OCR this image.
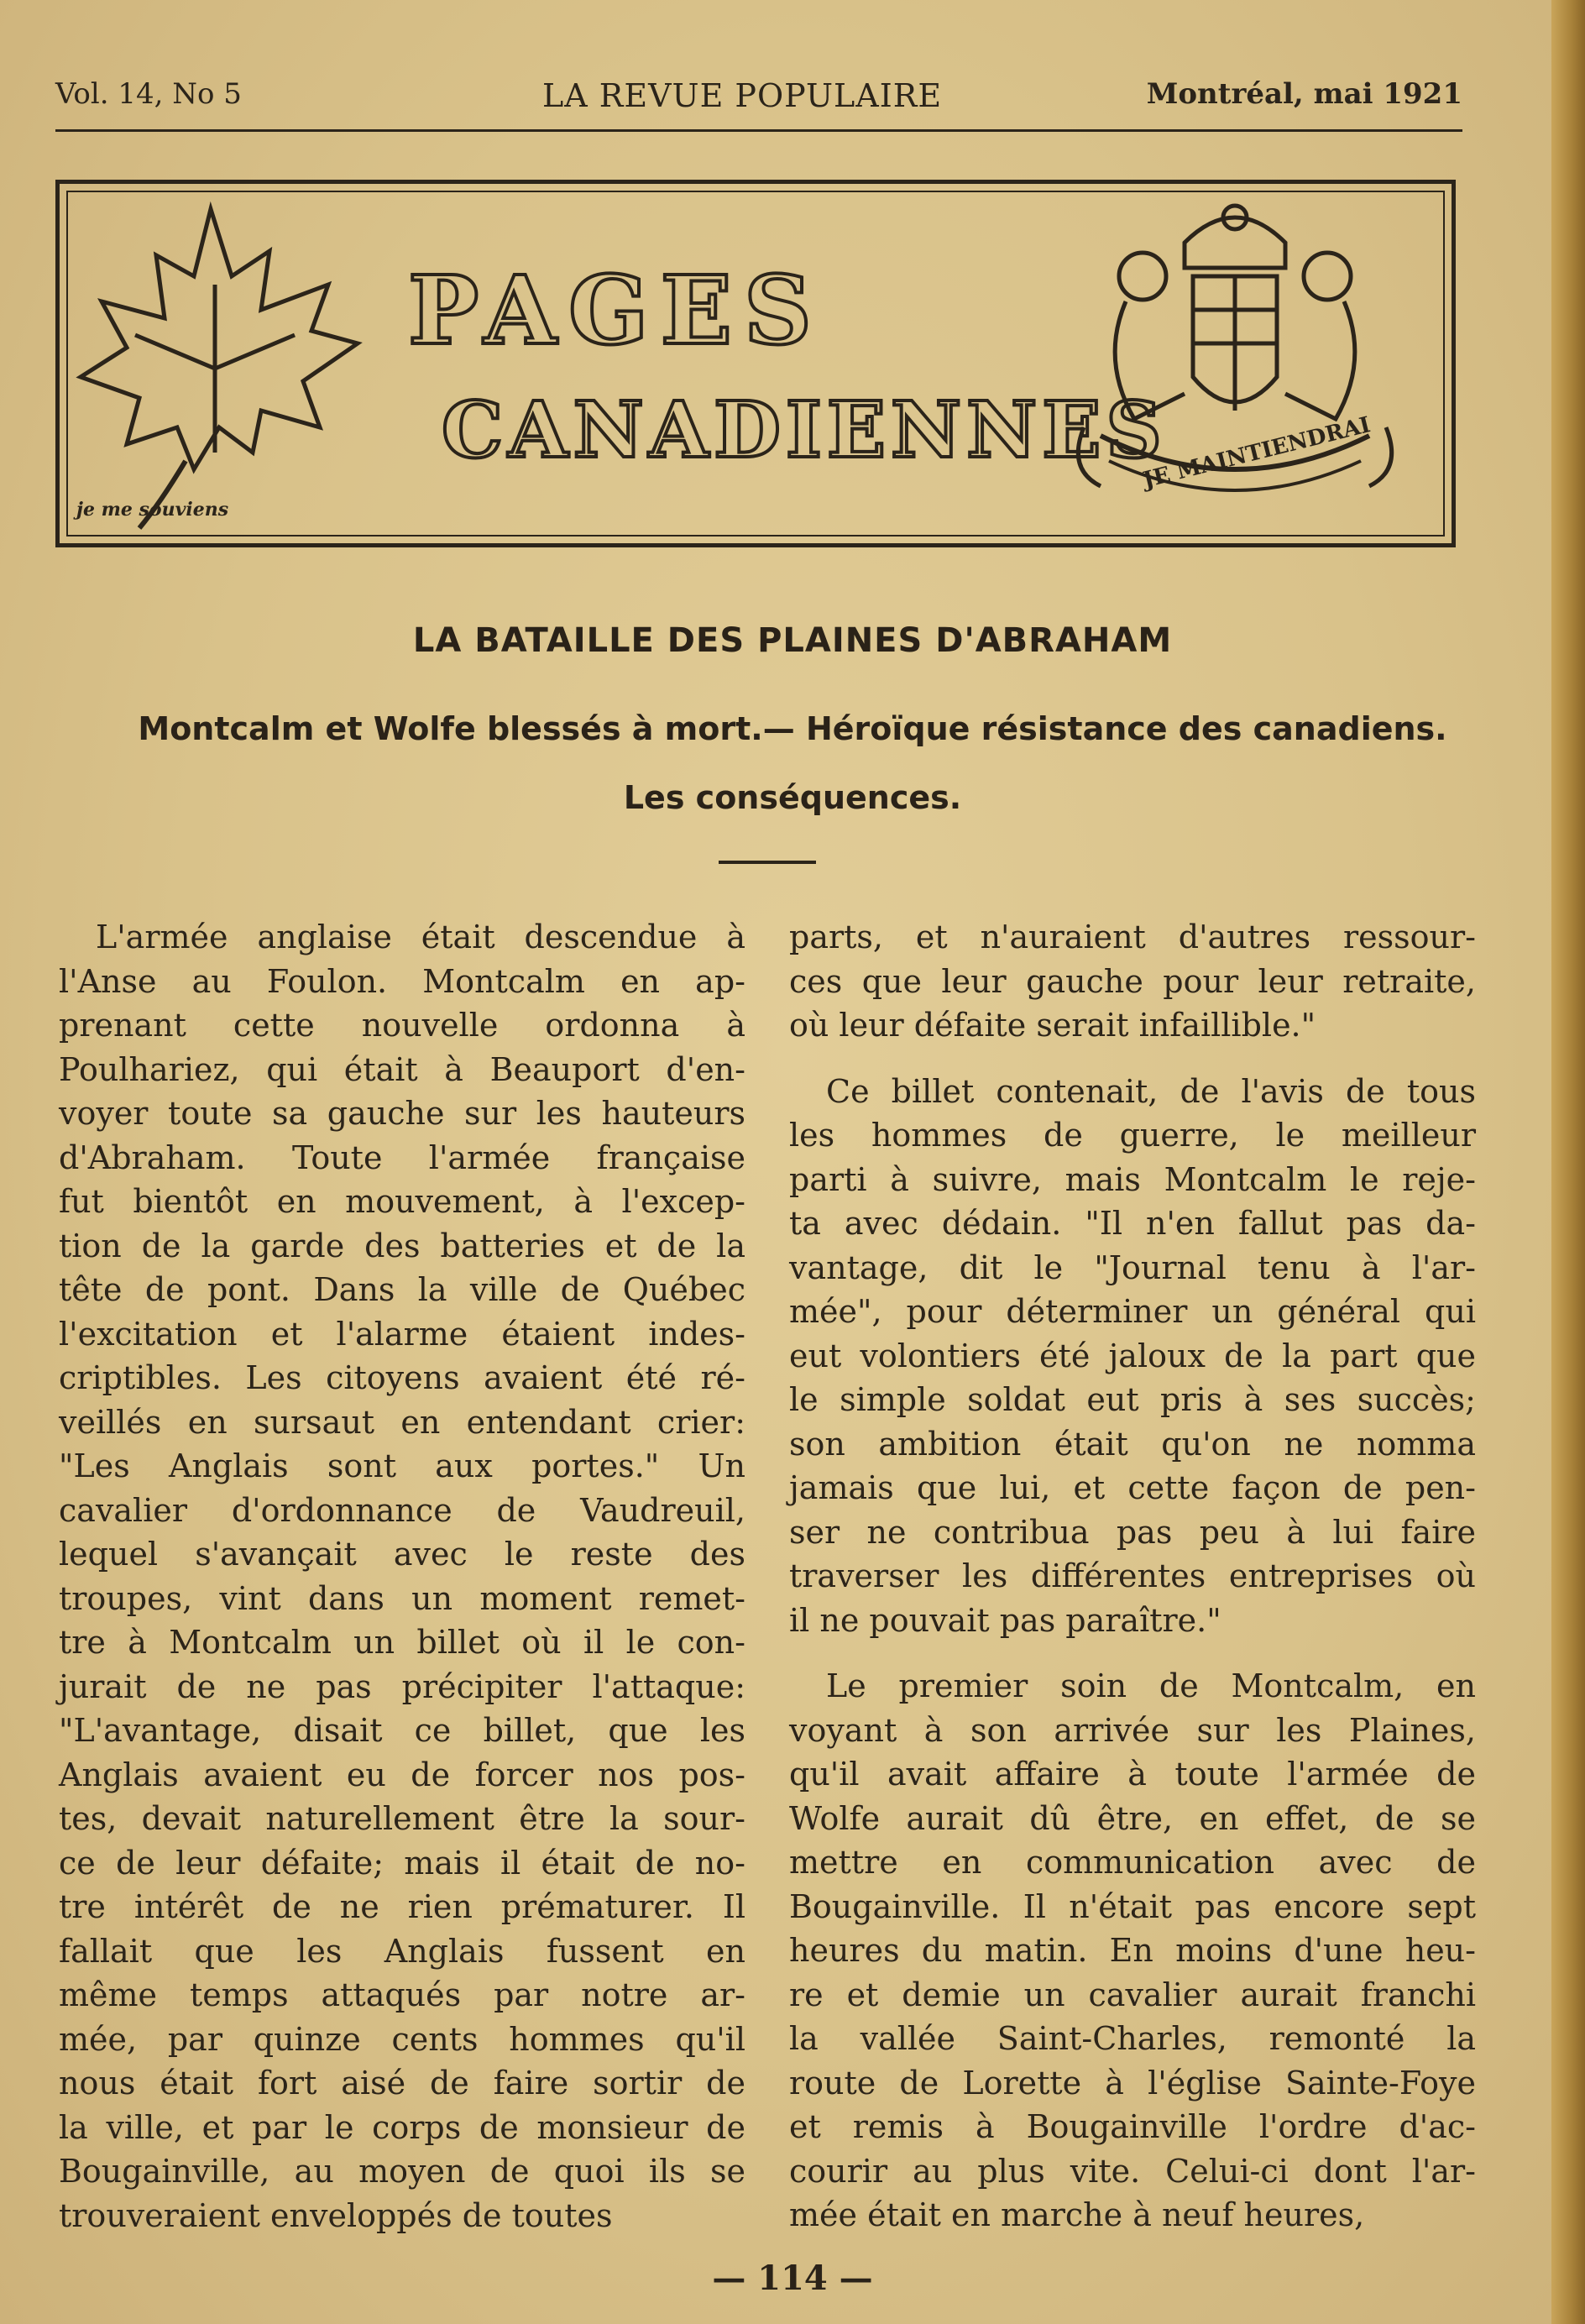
Vol. 14, No 5	LA REVUE POPULAIRE	Montréal, mai 1921
je me souviens
PAGES
CANADIENNES
JE MAINTIENDRAI
LA BATAILLE DES PLAINES D'ABRAHAM
Montcalm et Wolfe blessés à mort.— Héroïque résistance des canadiens.
Les conséquences.
L'armée anglaise était descendue à
l'Anse au Foulon. Montcalm en ap-
prenant cette nouvelle ordonna à
Poulhariez, qui était à Beauport d'en-
voyer toute sa gauche sur les hauteurs
d'Abraham. Toute l'armée française
fut bientôt en mouvement, à l'excep-
tion de la garde des batteries et de la
tête de pont. Dans la ville de Québec
l'excitation et l'alarme étaient indes-
criptibles. Les citoyens avaient été ré-
veillés en sursaut en entendant crier:
"Les Anglais sont aux portes." Un
cavalier d'ordonnance de Vaudreuil,
lequel s'avançait avec le reste des
troupes, vint dans un moment remet-
tre à Montcalm un billet où il le con-
jurait de ne pas précipiter l'attaque:
"L'avantage, disait ce billet, que les
Anglais avaient eu de forcer nos pos-
tes, devait naturellement être la sour-
ce de leur défaite; mais il était de no-
tre intérêt de ne rien prématurer. Il
fallait que les Anglais fussent en
même temps attaqués par notre ar-
mée, par quinze cents hommes qu'il
nous était fort aisé de faire sortir de
la ville, et par le corps de monsieur de
Bougainville, au moyen de quoi ils se
trouveraient enveloppés de toutes
parts, et n'auraient d'autres ressour-
ces que leur gauche pour leur retraite,
où leur défaite serait infaillible."
Ce billet contenait, de l'avis de tous
les hommes de guerre, le meilleur
parti à suivre, mais Montcalm le reje-
ta avec dédain. "Il n'en fallut pas da-
vantage, dit le "Journal tenu à l'ar-
mée", pour déterminer un général qui
eut volontiers été jaloux de la part que
le simple soldat eut pris à ses succès;
son ambition était qu'on ne nomma
jamais que lui, et cette façon de pen-
ser ne contribua pas peu à lui faire
traverser les différentes entreprises où
il ne pouvait pas paraître."
Le premier soin de Montcalm, en
voyant à son arrivée sur les Plaines,
qu'il avait affaire à toute l'armée de
Wolfe aurait dû être, en effet, de se
mettre en communication avec de
Bougainville. Il n'était pas encore sept
heures du matin. En moins d'une heu-
re et demie un cavalier aurait franchi
la vallée Saint-Charles, remonté la
route de Lorette à l'église Sainte-Foye
et remis à Bougainville l'ordre d'ac-
courir au plus vite. Celui-ci dont l'ar-
mée était en marche à neuf heures,
— 114 —
